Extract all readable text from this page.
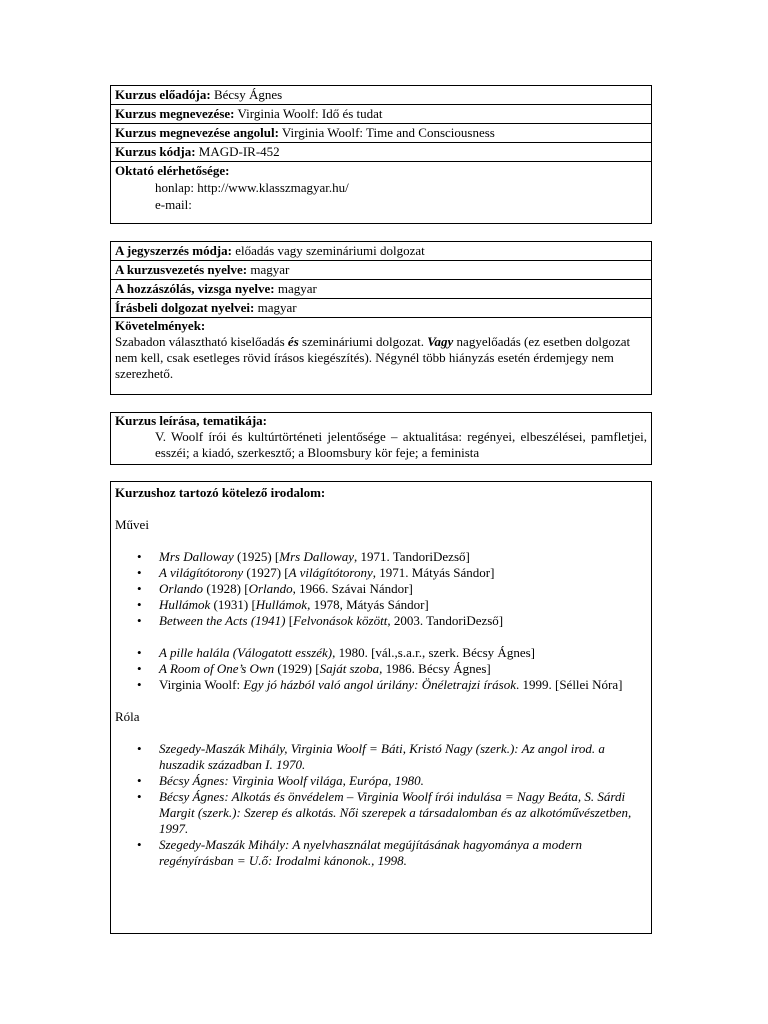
Kurzus előadója: Bécsy Ágnes
Kurzus megnevezése: Virginia Woolf: Idő és tudat
Kurzus megnevezése angolul: Virginia Woolf: Time and Consciousness
Kurzus kódja: MAGD-IR-452
Oktató elérhetősége:
honlap: http://www.klasszmagyar.hu/
e-mail:
A jegyszerzés módja: előadás vagy szemináriumi dolgozat
A kurzusvezetés nyelve: magyar
A hozzászólás, vizsga nyelve: magyar
Írásbeli dolgozat nyelvei: magyar
Követelmények:
Szabadon választható kiselőadás és szemináriumi dolgozat. Vagy nagyelőadás (ez esetben dolgozat nem kell, csak esetleges rövid írásos kiegészítés). Négynél több hiányzás esetén érdemjegy nem szerezhető.
Kurzus leírása, tematikája:
V. Woolf írói és kultúrtörténeti jelentősége – aktualitása: regényei, elbeszélései, pamfletjei, esszéi; a kiadó, szerkesztő; a Bloomsbury kör feje; a feminista
Kurzushoz tartozó kötelező irodalom:
Művei
• Mrs Dalloway (1925) [Mrs Dalloway, 1971. TandoriDezső]
• A világítótorony (1927) [A világítótorony, 1971. Mátyás Sándor]
• Orlando (1928) [Orlando, 1966. Szávai Nándor]
• Hullámok (1931) [Hullámok, 1978, Mátyás Sándor]
• Between the Acts (1941) [Felvonások között, 2003. TandoriDezső]
• A pille halála (Válogatott esszék), 1980. [vál.,s.a.r., szerk. Bécsy Ágnes]
• A Room of One’s Own (1929) [Saját szoba, 1986. Bécsy Ágnes]
• Virginia Woolf: Egy jó házból való angol úrilány: Önéletrajzi írások. 1999. [Séllei Nóra]
Róla
• Szegedy-Maszák Mihály, Virginia Woolf = Báti, Kristó Nagy (szerk.): Az angol irod. a huszadik században I. 1970.
• Bécsy Ágnes: Virginia Woolf világa, Európa, 1980.
• Bécsy Ágnes: Alkotás és önvédelem – Virginia Woolf írói indulása = Nagy Beáta, S. Sárdi Margit (szerk.): Szerep és alkotás. Női szerepek a társadalomban és az alkotóművészetben, 1997.
• Szegedy-Maszák Mihály: A nyelvhasználat megújításának hagyománya a modern regényírásban = U.ő: Irodalmi kánonok., 1998.
